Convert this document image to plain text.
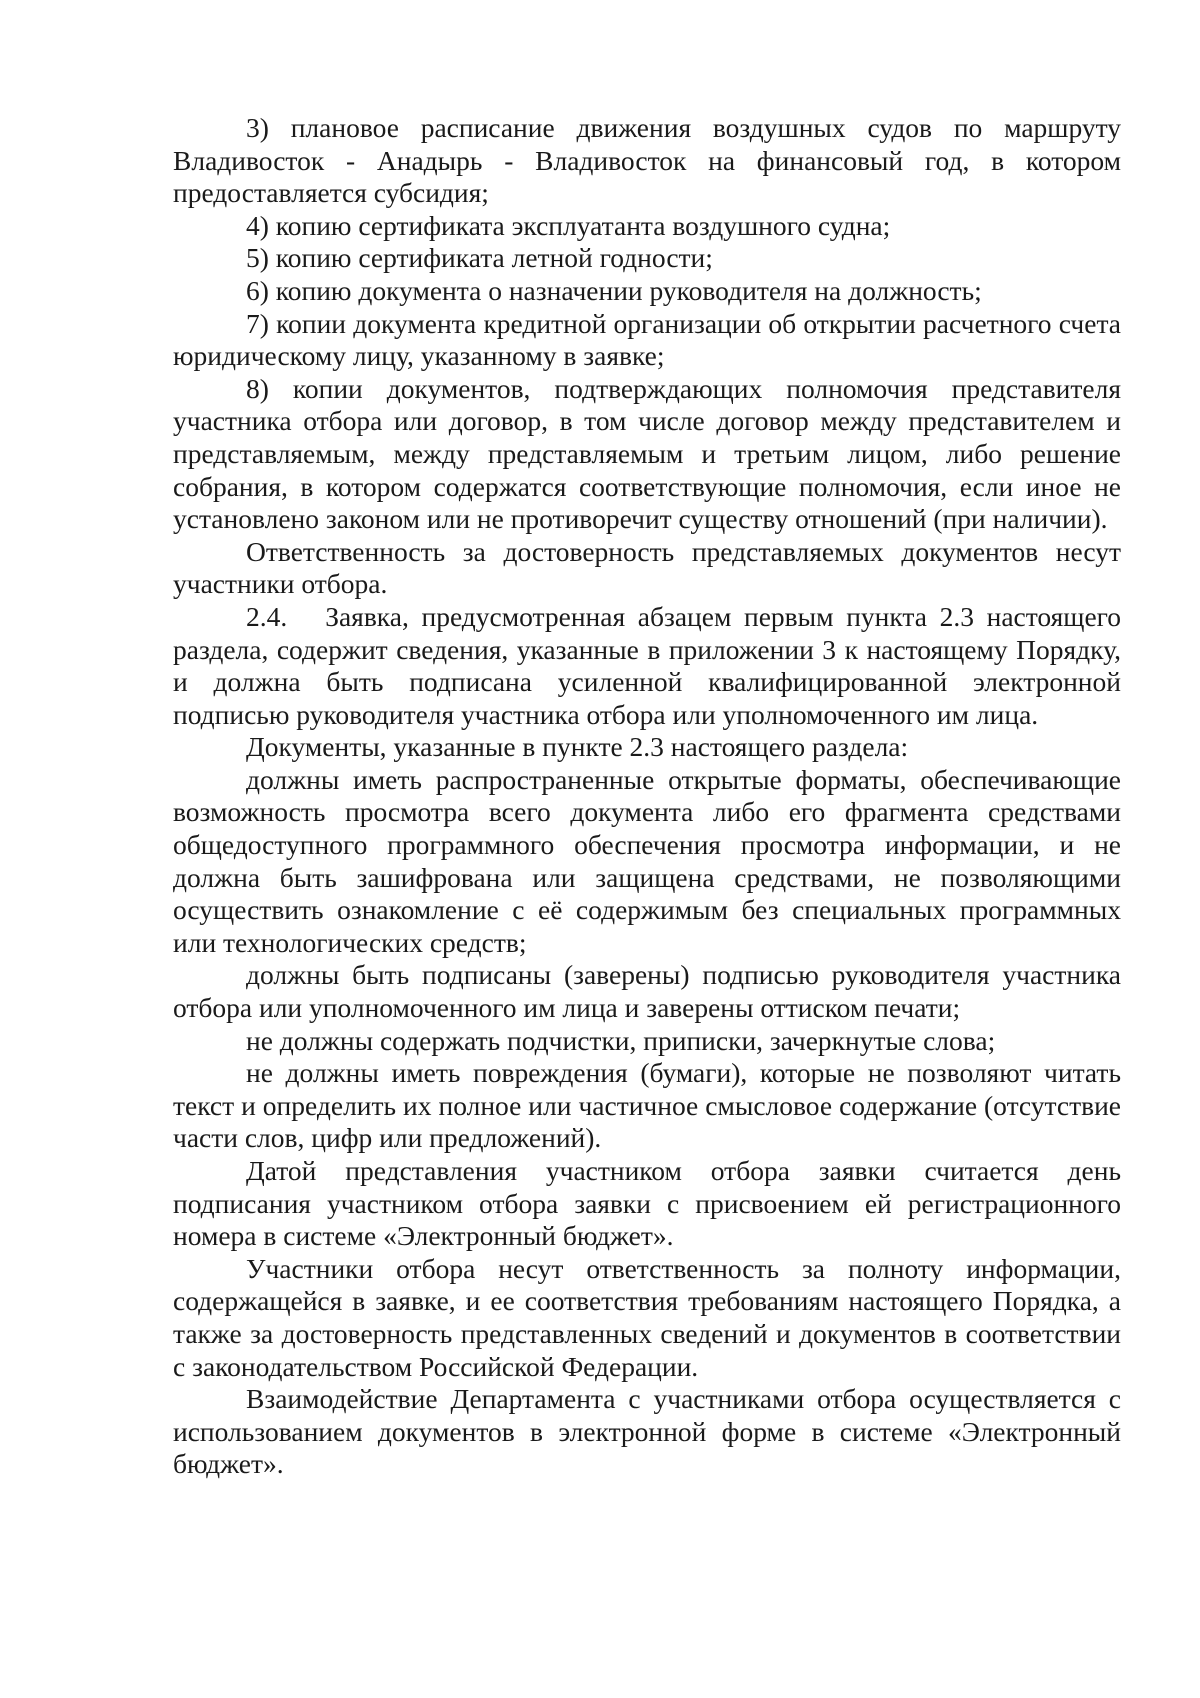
3) плановое расписание движения воздушных судов по маршруту Владивосток - Анадырь - Владивосток на финансовый год, в котором предоставляется субсидия;

4) копию сертификата эксплуатанта воздушного судна;

5) копию сертификата летной годности;

6) копию документа о назначении руководителя на должность;

7) копии документа кредитной организации об открытии расчетного счета юридическому лицу, указанному в заявке;

8) копии документов, подтверждающих полномочия представителя участника отбора или договор, в том числе договор между представителем и представляемым, между представляемым и третьим лицом, либо решение собрания, в котором содержатся соответствующие полномочия, если иное не установлено законом или не противоречит существу отношений (при наличии).

Ответственность за достоверность представляемых документов несут участники отбора.

2.4.   Заявка, предусмотренная абзацем первым пункта 2.3 настоящего раздела, содержит сведения, указанные в приложении 3 к настоящему Порядку, и должна быть подписана усиленной квалифицированной электронной подписью руководителя участника отбора или уполномоченного им лица.

Документы, указанные в пункте 2.3 настоящего раздела:

должны иметь распространенные открытые форматы, обеспечивающие возможность просмотра всего документа либо его фрагмента средствами общедоступного программного обеспечения просмотра информации, и не должна быть зашифрована или защищена средствами, не позволяющими осуществить ознакомление с её содержимым без специальных программных или технологических средств;

должны быть подписаны (заверены) подписью руководителя участника отбора или уполномоченного им лица и заверены оттиском печати;

не должны содержать подчистки, приписки, зачеркнутые слова;

не должны иметь повреждения (бумаги), которые не позволяют читать текст и определить их полное или частичное смысловое содержание (отсутствие части слов, цифр или предложений).

Датой представления участником отбора заявки считается день подписания участником отбора заявки с присвоением ей регистрационного номера в системе «Электронный бюджет».

Участники отбора несут ответственность за полноту информации, содержащейся в заявке, и ее соответствия требованиям настоящего Порядка, а также за достоверность представленных сведений и документов в соответствии с законодательством Российской Федерации.

Взаимодействие Департамента с участниками отбора осуществляется с использованием документов в электронной форме в системе «Электронный бюджет».
